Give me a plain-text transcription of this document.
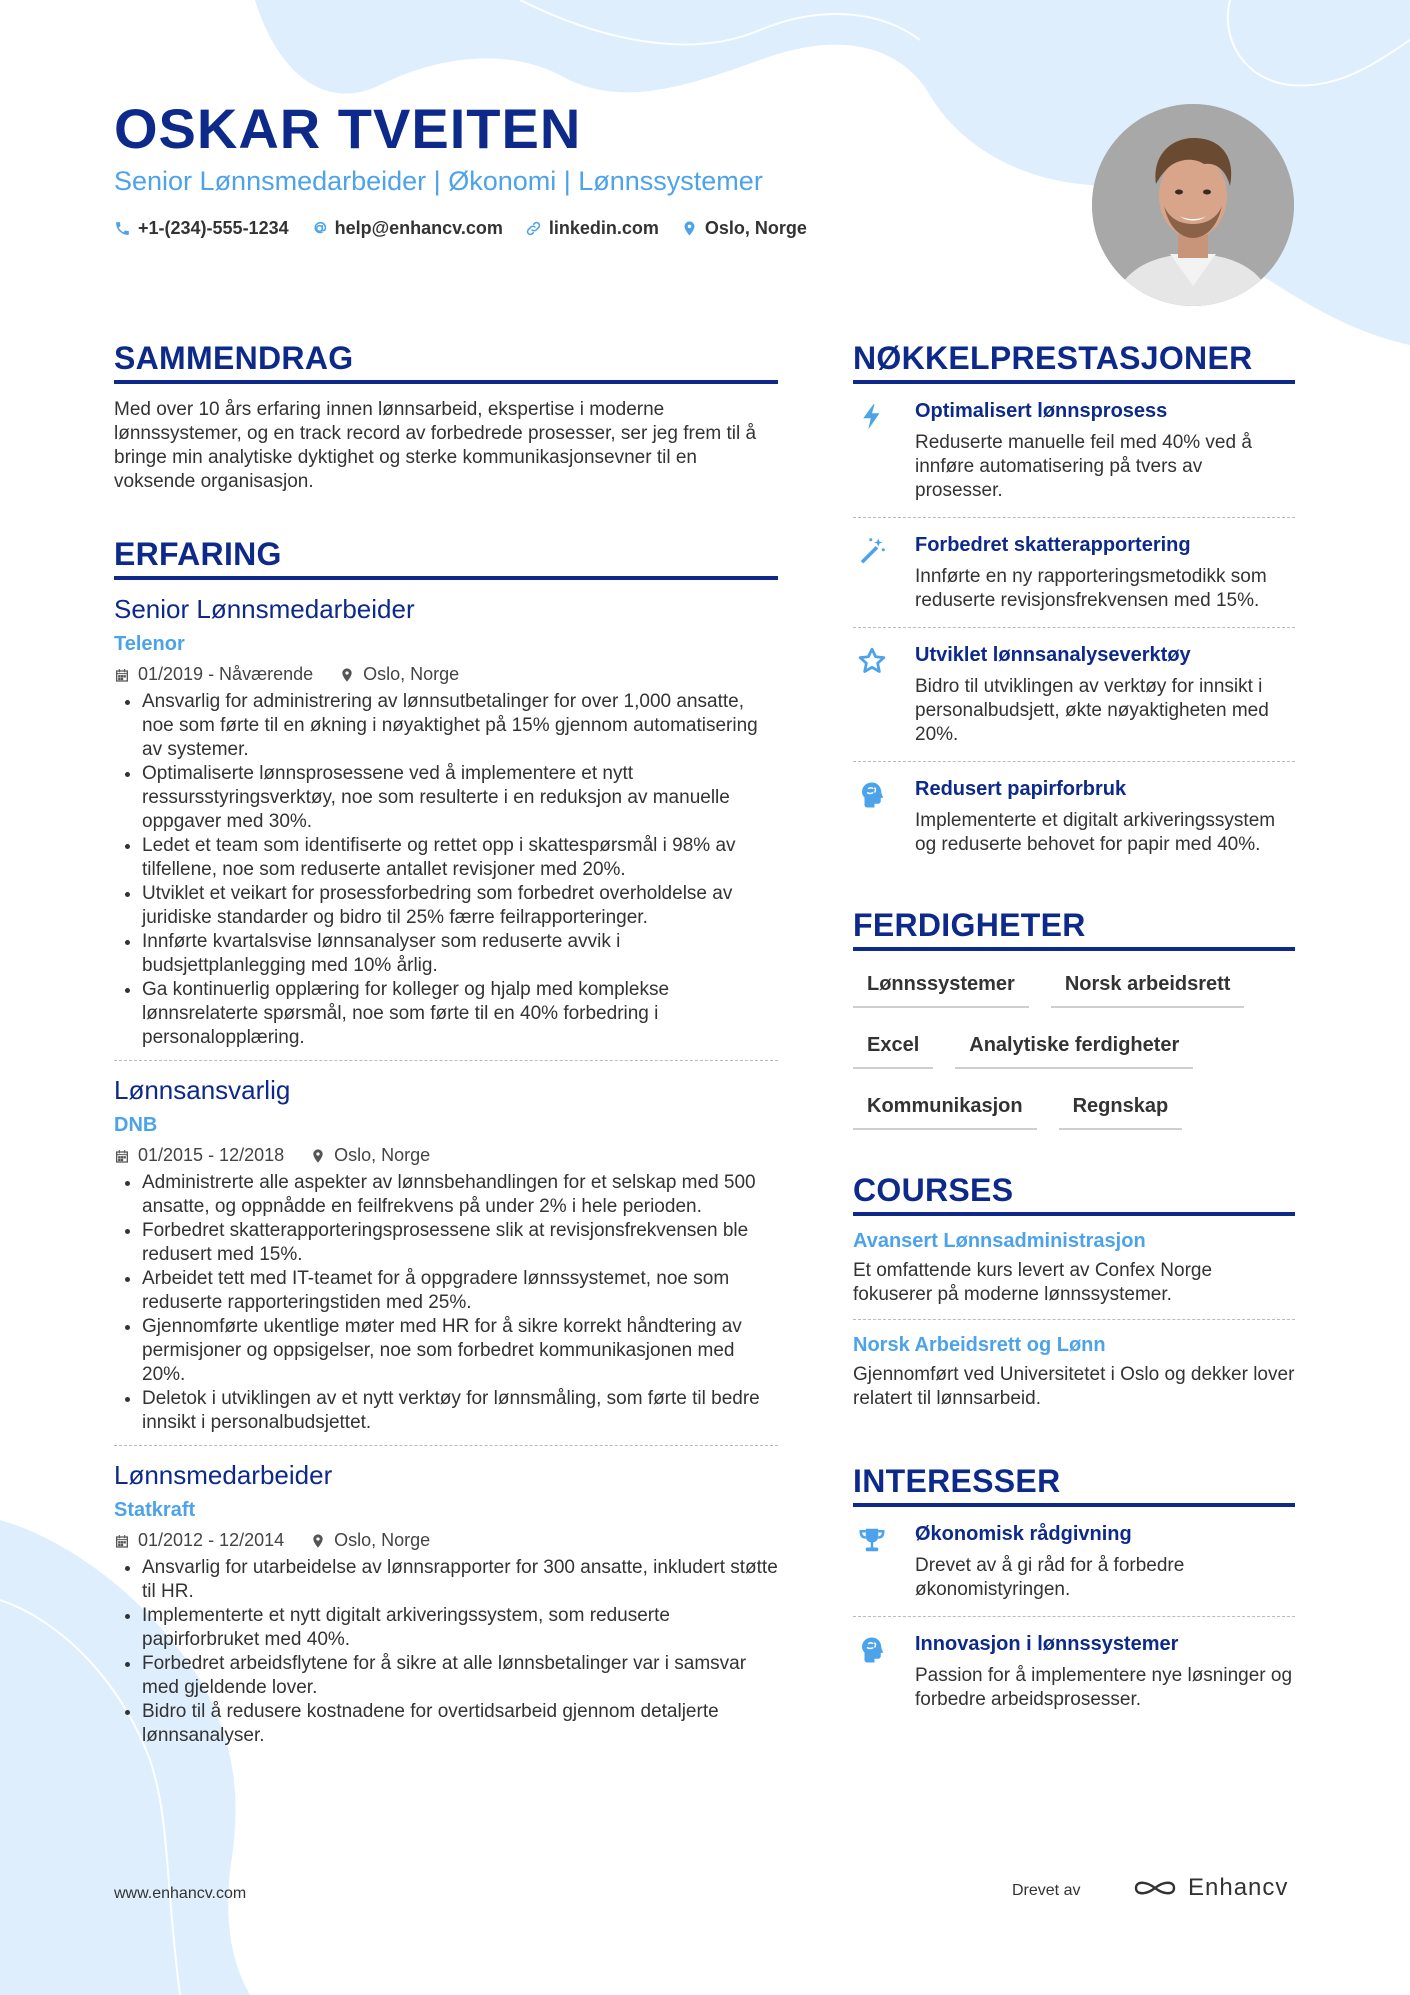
OSKAR TVEITEN
Senior Lønnsmedarbeider | Økonomi | Lønnssystemer
+1-(234)-555-1234	help@enhancv.com	linkedin.com	Oslo, Norge
SAMMENDRAG

Med over 10 års erfaring innen lønnsarbeid, ekspertise i moderne lønnssystemer, og en track record av forbedrede prosesser, ser jeg frem til å bringe min analytiske dyktighet og sterke kommunikasjonsevner til en voksende organisasjon.

ERFARING
Senior Lønnsmedarbeider
Telenor
01/2019 - Nåværende	Oslo, Norge
• Ansvarlig for administrering av lønnsutbetalinger for over 1,000 ansatte, noe som førte til en økning i nøyaktighet på 15% gjennom automatisering av systemer.
• Optimaliserte lønnsprosessene ved å implementere et nytt ressursstyringsverktøy, noe som resulterte i en reduksjon av manuelle oppgaver med 30%.
• Ledet et team som identifiserte og rettet opp i skattespørsmål i 98% av tilfellene, noe som reduserte antallet revisjoner med 20%.
• Utviklet et veikart for prosessforbedring som forbedret overholdelse av juridiske standarder og bidro til 25% færre feilrapporteringer.
• Innførte kvartalsvise lønnsanalyser som reduserte avvik i budsjettplanlegging med 10% årlig.
• Ga kontinuerlig opplæring for kolleger og hjalp med komplekse lønnsrelaterte spørsmål, noe som førte til en 40% forbedring i personalopplæring.
Lønnsansvarlig
DNB
01/2015 - 12/2018	Oslo, Norge
• Administrerte alle aspekter av lønnsbehandlingen for et selskap med 500 ansatte, og oppnådde en feilfrekvens på under 2% i hele perioden.
• Forbedret skatterapporteringsprosessene slik at revisjonsfrekvensen ble redusert med 15%.
• Arbeidet tett med IT-teamet for å oppgradere lønnssystemet, noe som reduserte rapporteringstiden med 25%.
• Gjennomførte ukentlige møter med HR for å sikre korrekt håndtering av permisjoner og oppsigelser, noe som forbedret kommunikasjonen med 20%.
• Deletok i utviklingen av et nytt verktøy for lønnsmåling, som førte til bedre innsikt i personalbudsjettet.
Lønnsmedarbeider
Statkraft
01/2012 - 12/2014	Oslo, Norge
• Ansvarlig for utarbeidelse av lønnsrapporter for 300 ansatte, inkludert støtte til HR.
• Implementerte et nytt digitalt arkiveringssystem, som reduserte papirforbruket med 40%.
• Forbedret arbeidsflytene for å sikre at alle lønnsbetalinger var i samsvar med gjeldende lover.
• Bidro til å redusere kostnadene for overtidsarbeid gjennom detaljerte lønnsanalyser.
NØKKELPRESTASJONER
Optimalisert lønnsprosess
Reduserte manuelle feil med 40% ved å innføre automatisering på tvers av prosesser.
Forbedret skatterapportering
Innførte en ny rapporteringsmetodikk som reduserte revisjonsfrekvensen med 15%.
Utviklet lønnsanalyseverktøy
Bidro til utviklingen av verktøy for innsikt i personalbudsjett, økte nøyaktigheten med 20%.
Redusert papirforbruk
Implementerte et digitalt arkiveringssystem og reduserte behovet for papir med 40%.
FERDIGHETER
Lønnssystemer	Norsk arbeidsrett
Excel	Analytiske ferdigheter
Kommunikasjon	Regnskap
COURSES
Avansert Lønnsadministrasjon
Et omfattende kurs levert av Confex Norge fokuserer på moderne lønnssystemer.
Norsk Arbeidsrett og Lønn
Gjennomført ved Universitetet i Oslo og dekker lover relatert til lønnsarbeid.
INTERESSER
Økonomisk rådgivning
Drevet av å gi råd for å forbedre økonomistyringen.
Innovasjon i lønnssystemer
Passion for å implementere nye løsninger og forbedre arbeidsprosesser.
www.enhancv.com	Drevet av	Enhancv
